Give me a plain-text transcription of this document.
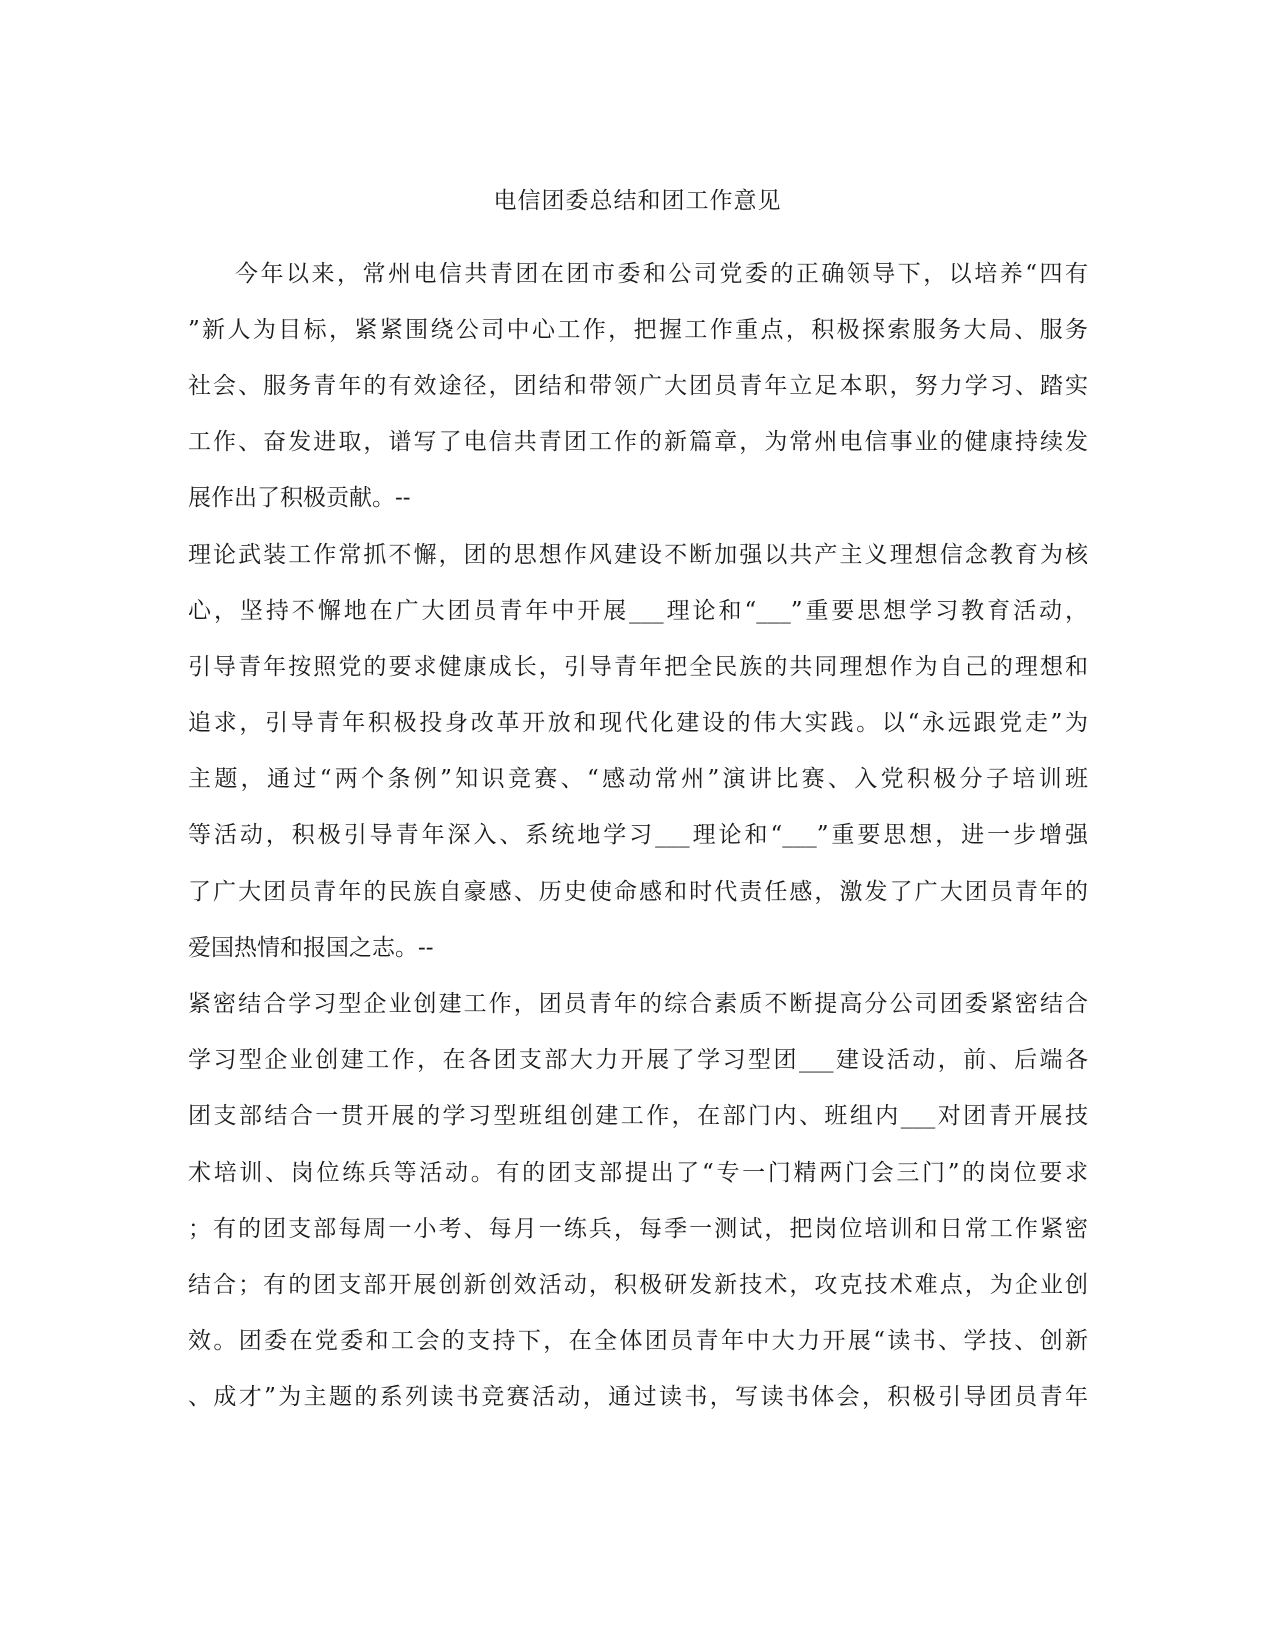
电信团委总结和团工作意见
今年以来，常州电信共青团在团市委和公司党委的正确领导下，以培养“四有
”新人为目标，紧紧围绕公司中心工作，把握工作重点，积极探索服务大局、服务
社会、服务青年的有效途径，团结和带领广大团员青年立足本职，努力学习、踏实
工作、奋发进取，谱写了电信共青团工作的新篇章，为常州电信事业的健康持续发
展作出了积极贡献。--
理论武装工作常抓不懈，团的思想作风建设不断加强以共产主义理想信念教育为核
心，坚持不懈地在广大团员青年中开展___理论和“___”重要思想学习教育活动，
引导青年按照党的要求健康成长，引导青年把全民族的共同理想作为自己的理想和
追求，引导青年积极投身改革开放和现代化建设的伟大实践。以“永远跟党走”为
主题，通过“两个条例”知识竞赛、“感动常州”演讲比赛、入党积极分子培训班
等活动，积极引导青年深入、系统地学习___理论和“___”重要思想，进一步增强
了广大团员青年的民族自豪感、历史使命感和时代责任感，激发了广大团员青年的
爱国热情和报国之志。--
紧密结合学习型企业创建工作，团员青年的综合素质不断提高分公司团委紧密结合
学习型企业创建工作，在各团支部大力开展了学习型团___建设活动，前、后端各
团支部结合一贯开展的学习型班组创建工作，在部门内、班组内___对团青开展技
术培训、岗位练兵等活动。有的团支部提出了“专一门精两门会三门”的岗位要求
；有的团支部每周一小考、每月一练兵，每季一测试，把岗位培训和日常工作紧密
结合；有的团支部开展创新创效活动，积极研发新技术，攻克技术难点，为企业创
效。团委在党委和工会的支持下，在全体团员青年中大力开展“读书、学技、创新
、成才”为主题的系列读书竞赛活动，通过读书，写读书体会，积极引导团员青年
